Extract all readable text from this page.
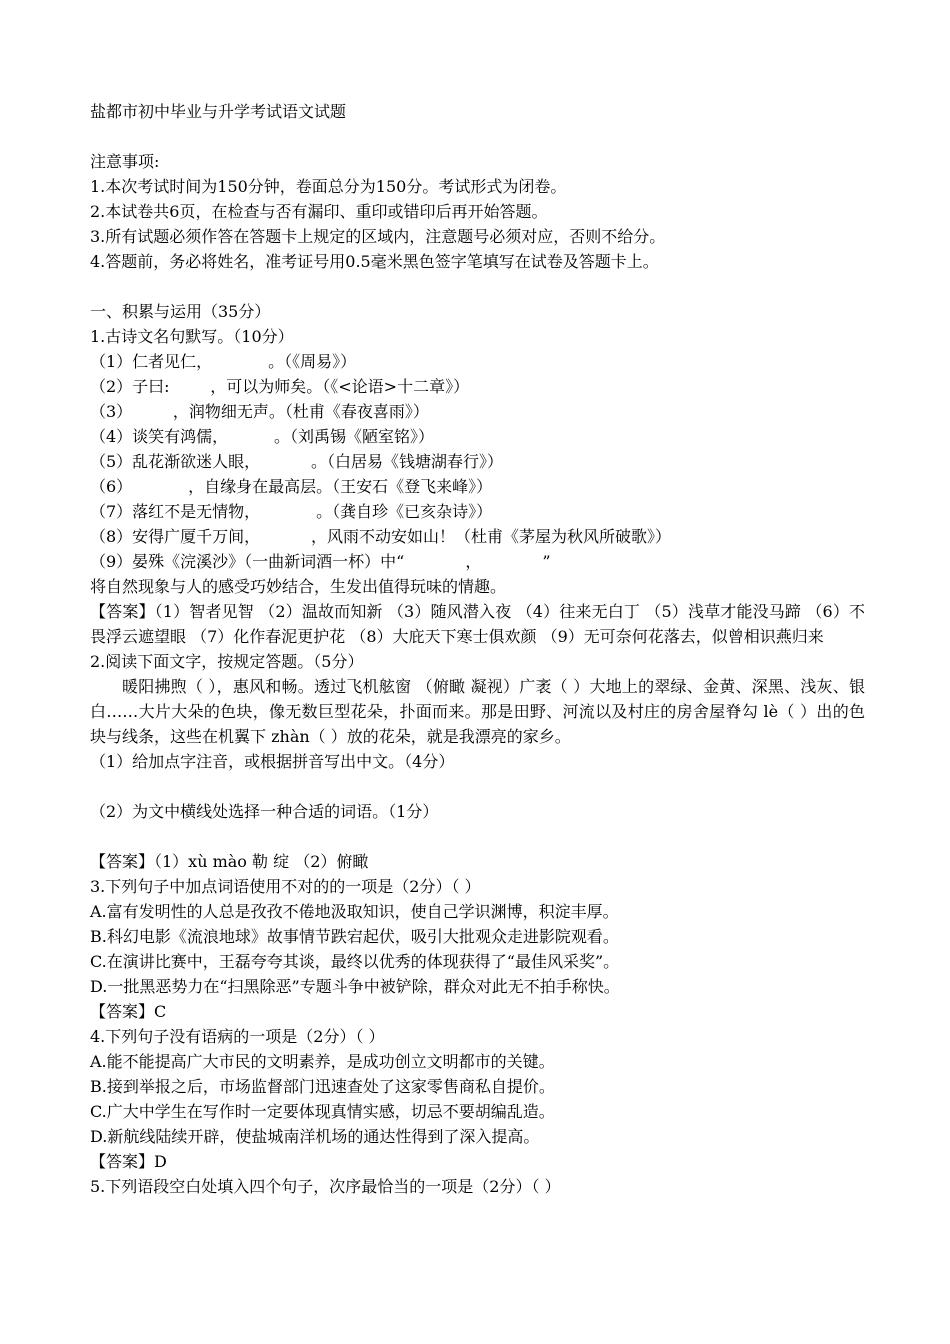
盐都市初中毕业与升学考试语文试题
注意事项:
1.本次考试时间为150分钟，卷面总分为150分。考试形式为闭卷。
2.本试卷共6页，在检查与否有漏印、重印或错印后再开始答题。
3.所有试题必须作答在答题卡上规定的区域内，注意题号必须对应，否则不给分。
4.答题前，务必将姓名，准考证号用0.5毫米黑色签字笔填写在试卷及答题卡上。
一、积累与运用（35分）
1.古诗文名句默写。（10分）
（1）仁者见仁，           。（《周易》）
（2）子曰:        ，可以为师矣。（《<论语>十二章》）
（3）        ，润物细无声。（杜甫《春夜喜雨》）
（4）谈笑有鸿儒，         。（刘禹锡《陋室铭》）
（5）乱花渐欲迷人眼，          。（白居易《钱塘湖春行》）
（6）           ，自缘身在最高层。（王安石《登飞来峰》）
（7）落红不是无情物，           。（龚自珍《已亥杂诗》）
（8）安得广厦千万间，          ，风雨不动安如山！（杜甫《茅屋为秋风所破歌》）
（9）晏殊《浣溪沙》（一曲新词酒一杯）中“            ，            ”
将自然现象与人的感受巧妙结合，生发出值得玩味的情趣。
【答案】（1）智者见智 （2）温故而知新 （3）随风潜入夜 （4）往来无白丁 （5）浅草才能没马蹄 （6）不畏浮云遮望眼 （7）化作春泥更护花 （8）大庇天下寒士俱欢颜 （9）无可奈何花落去，似曾相识燕归来
2.阅读下面文字，按规定答题。（5分）
暖阳拂煦（ ），惠风和畅。透过飞机舷窗 （俯瞰 凝视）广袤（ ）大地上的翠绿、金黄、深黑、浅灰、银白……大片大朵的色块，像无数巨型花朵，扑面而来。那是田野、河流以及村庄的房舍屋脊勾 lè（ ）出的色块与线条，这些在机翼下 zhàn（ ）放的花朵，就是我漂亮的家乡。
（1）给加点字注音，或根据拼音写出中文。（4分）
（2）为文中横线处选择一种合适的词语。（1分）
【答案】（1）xù mào 勒 绽 （2）俯瞰
3.下列句子中加点词语使用不对的的一项是（2分）（ ）
A.富有发明性的人总是孜孜不倦地汲取知识，使自己学识渊博，积淀丰厚。
B.科幻电影《流浪地球》故事情节跌宕起伏，吸引大批观众走进影院观看。
C.在演讲比赛中，王磊夸夸其谈，最终以优秀的体现获得了“最佳风采奖”。
D.一批黑恶势力在“扫黑除恶”专题斗争中被铲除，群众对此无不拍手称快。
【答案】C
4.下列句子没有语病的一项是（2分）（ ）
A.能不能提高广大市民的文明素养，是成功创立文明都市的关键。
B.接到举报之后，市场监督部门迅速查处了这家零售商私自提价。
C.广大中学生在写作时一定要体现真情实感，切忌不要胡编乱造。
D.新航线陆续开辟，使盐城南洋机场的通达性得到了深入提高。
【答案】D
5.下列语段空白处填入四个句子，次序最恰当的一项是（2分）（ ）
